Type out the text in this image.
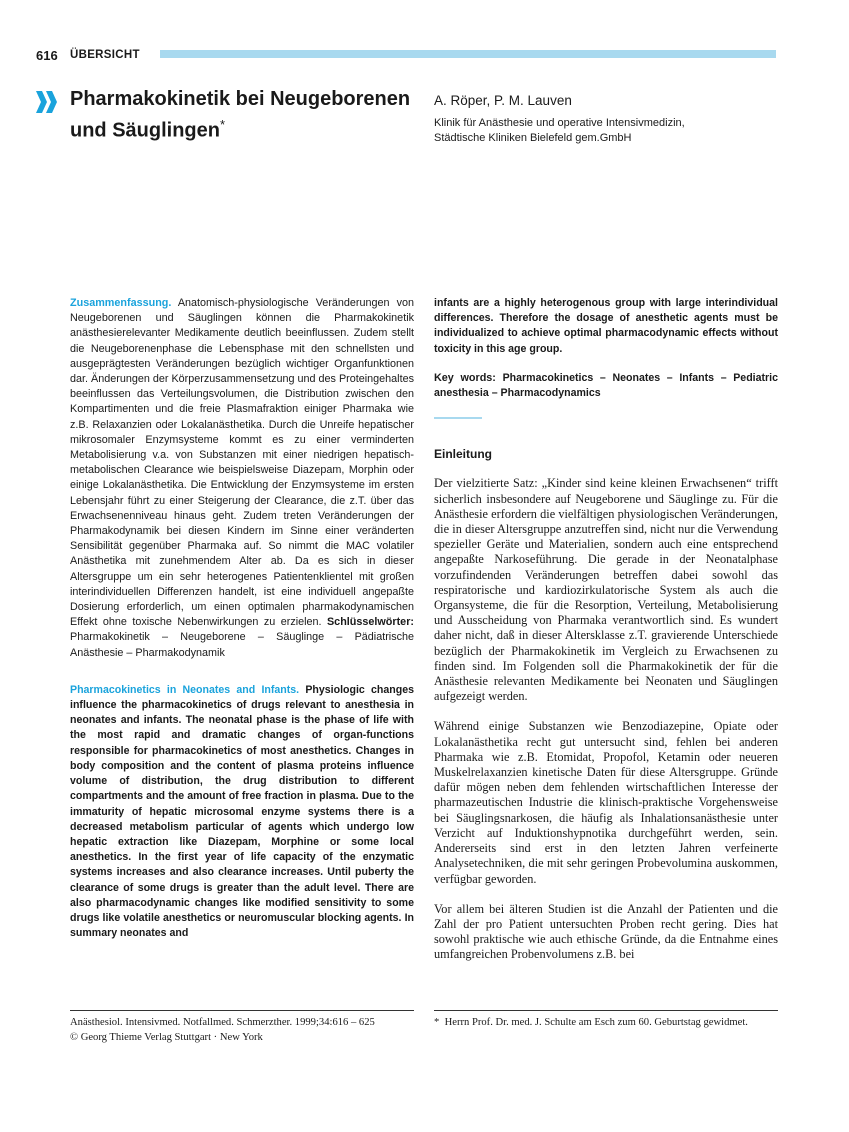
616 ÜBERSICHT
Pharmakokinetik bei Neugeborenen
und Säuglingen*
A. Röper, P. M. Lauven
Klinik für Anästhesie und operative Intensivmedizin,
Städtische Kliniken Bielefeld gem.GmbH

Zusammenfassung. Anatomisch-physiologische Veränderungen von Neugeborenen und Säuglingen können die Pharmakokinetik anästhesierelevanter Medikamente deutlich beeinflussen. Zudem stellt die Neugeborenenphase die Lebensphase mit den schnellsten und ausgeprägtesten Veränderungen bezüglich wichtiger Organfunktionen dar. Änderungen der Körperzusammensetzung und des Proteingehaltes beeinflussen das Verteilungsvolumen, die Distribution zwischen den Kompartimenten und die freie Plasmafraktion einiger Pharmaka wie z.B. Relaxanzien oder Lokalanästhetika. Durch die Unreife hepatischer mikrosomaler Enzymsysteme kommt es zu einer verminderten Metabolisierung v.a. von Substanzen mit einer niedrigen hepatisch-metabolischen Clearance wie beispielsweise Diazepam, Morphin oder einige Lokalanästhetika. Die Entwicklung der Enzymsysteme im ersten Lebensjahr führt zu einer Steigerung der Clearance, die z.T. über das Erwachsenenniveau hinaus geht. Zudem treten Veränderungen der Pharmakodynamik bei diesen Kindern im Sinne einer veränderten Sensibilität gegenüber Pharmaka auf. So nimmt die MAC volatiler Anästhetika mit zunehmendem Alter ab. Da es sich in dieser Altersgruppe um ein sehr heterogenes Patientenklientel mit großen interindividuellen Differenzen handelt, ist eine individuell angepaßte Dosierung erforderlich, um einen optimalen pharmakodynamischen Effekt ohne toxische Nebenwirkungen zu erzielen. Schlüsselwörter: Pharmakokinetik – Neugeborene – Säuglinge – Pädiatrische Anästhesie – Pharmakodynamik

Pharmacokinetics in Neonates and Infants. Physiologic changes influence the pharmacokinetics of drugs relevant to anesthesia in neonates and infants. The neonatal phase is the phase of life with the most rapid and dramatic changes of organ-functions responsible for pharmacokinetics of most anesthetics. Changes in body composition and the content of plasma proteins influence volume of distribution, the drug distribution to different compartments and the amount of free fraction in plasma. Due to the immaturity of hepatic microsomal enzyme systems there is a decreased metabolism particular of agents which undergo low hepatic extraction like Diazepam, Morphine or some local anesthetics. In the first year of life capacity of the enzymatic systems increases and also clearance increases. Until puberty the clearance of some drugs is greater than the adult level. There are also pharmacodynamic changes like modified sensitivity to some drugs like volatile anesthetics or neuromuscular blocking agents. In summary neonates and

infants are a highly heterogenous group with large interindividual differences. Therefore the dosage of anesthetic agents must be individualized to achieve optimal pharmacodynamic effects without toxicity in this age group.

Key words: Pharmacokinetics – Neonates – Infants – Pediatric anesthesia – Pharmacodynamics

Einleitung

Der vielzitierte Satz: „Kinder sind keine kleinen Erwachsenen“ trifft sicherlich insbesondere auf Neugeborene und Säuglinge zu. Für die Anästhesie erfordern die vielfältigen physiologischen Veränderungen, die in dieser Altersgruppe anzutreffen sind, nicht nur die Verwendung spezieller Geräte und Materialien, sondern auch eine entsprechend angepaßte Narkoseführung. Die gerade in der Neonatalphase vorzufindenden Veränderungen betreffen dabei sowohl das respiratorische und kardiozirkulatorische System als auch die Organsysteme, die für die Resorption, Verteilung, Metabolisierung und Ausscheidung von Pharmaka verantwortlich sind. Es wundert daher nicht, daß in dieser Altersklasse z.T. gravierende Unterschiede bezüglich der Pharmakokinetik im Vergleich zu Erwachsenen zu finden sind. Im Folgenden soll die Pharmakokinetik der für die Anästhesie relevanten Medikamente bei Neonaten und Säuglingen aufgezeigt werden.

Während einige Substanzen wie Benzodiazepine, Opiate oder Lokalanästhetika recht gut untersucht sind, fehlen bei anderen Pharmaka wie z.B. Etomidat, Propofol, Ketamin oder neueren Muskelrelaxanzien kinetische Daten für diese Altersgruppe. Gründe dafür mögen neben dem fehlenden wirtschaftlichen Interesse der pharmazeutischen Industrie die klinisch-praktische Vorgehensweise bei Säuglingsnarkosen, die häufig als Inhalationsanästhesie unter Verzicht auf Induktionshypnotika durchgeführt werden, sein. Andererseits sind erst in den letzten Jahren verfeinerte Analysetechniken, die mit sehr geringen Probevolumina auskommen, verfügbar geworden.

Vor allem bei älteren Studien ist die Anzahl der Patienten und die Zahl der pro Patient untersuchten Proben recht gering. Dies hat sowohl praktische wie auch ethische Gründe, da die Entnahme eines umfangreichen Probenvolumens z.B. bei

Anästhesiol. Intensivmed. Notfallmed. Schmerzther. 1999;34:616 – 625
© Georg Thieme Verlag Stuttgart · New York
* Herrn Prof. Dr. med. J. Schulte am Esch zum 60. Geburtstag gewidmet.
